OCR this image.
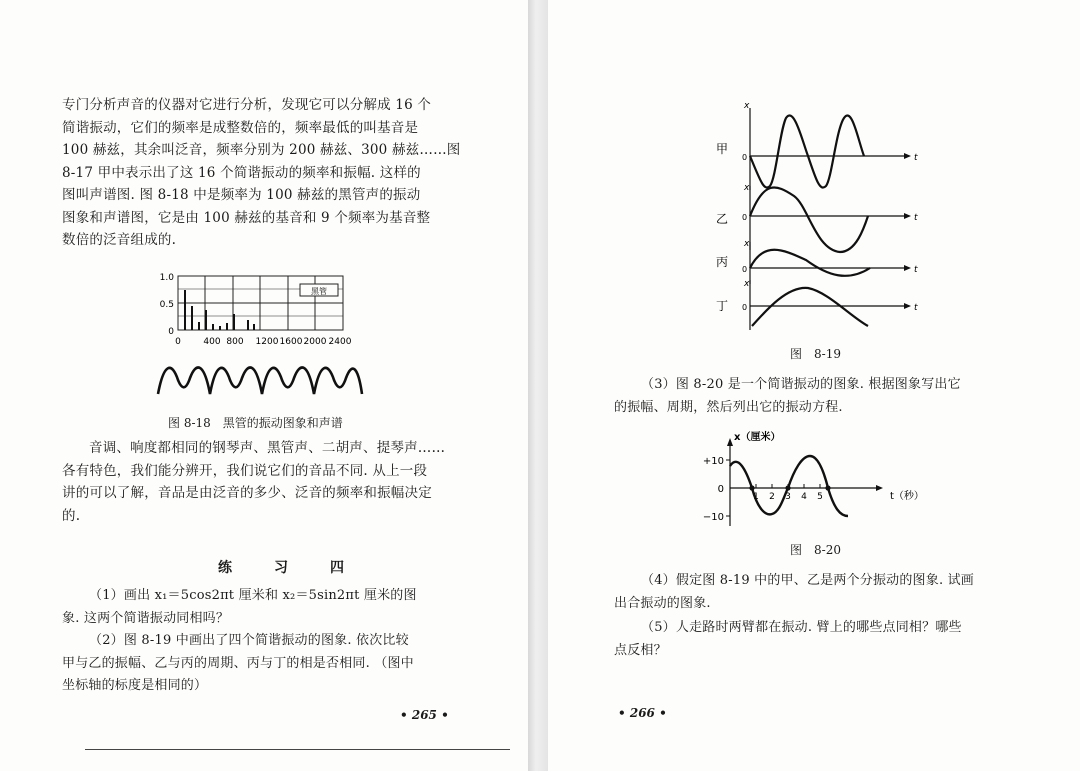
专门分析声音的仪器对它进行分析，发现它可以分解成 16 个
简谐振动，它们的频率是成整数倍的，频率最低的叫基音是
100 赫兹，其余叫泛音，频率分别为 200 赫兹、300 赫兹……图
8-17 甲中表示出了这 16 个简谐振动的频率和振幅. 这样的
图叫声谱图. 图 8-18 中是频率为 100 赫兹的黑管声的振动
图象和声谱图，它是由 100 赫兹的基音和 9 个频率为基音整
数倍的泛音组成的.

黑管
1.0
0.5
0
0	400 800 1200 1600 2000 2400

图 8-18　黑管的振动图象和声谱

音调、响度都相同的钢琴声、黑管声、二胡声、提琴声……
各有特色，我们能分辨开，我们说它们的音品不同. 从上一段
讲的可以了解，音品是由泛音的多少、泛音的频率和振幅决定
的.

练　习　四

（1）画出 x₁＝5cos2πt 厘米和 x₂＝5sin2πt 厘米的图
象. 这两个简谐振动同相吗？
（2）图 8-19 中画出了四个简谐振动的图象. 依次比较
甲与乙的振幅、乙与丙的周期、丙与丁的相是否相同. （图中
坐标轴的标度是相同的）

• 265 •
甲
x
0	t
乙
x
0	t
丙
x
0	t
丁
x
0	t

图　8-19

（3）图 8-20 是一个简谐振动的图象. 根据图象写出它
的振幅、周期，然后列出它的振动方程.

x（厘米）
+10
0
−10
1 2 3 4 5	t（秒）

图　8-20

（4）假定图 8-19 中的甲、乙是两个分振动的图象. 试画
出合振动的图象.

（5）人走路时两臂都在振动. 臂上的哪些点同相？哪些
点反相？

• 266 •
